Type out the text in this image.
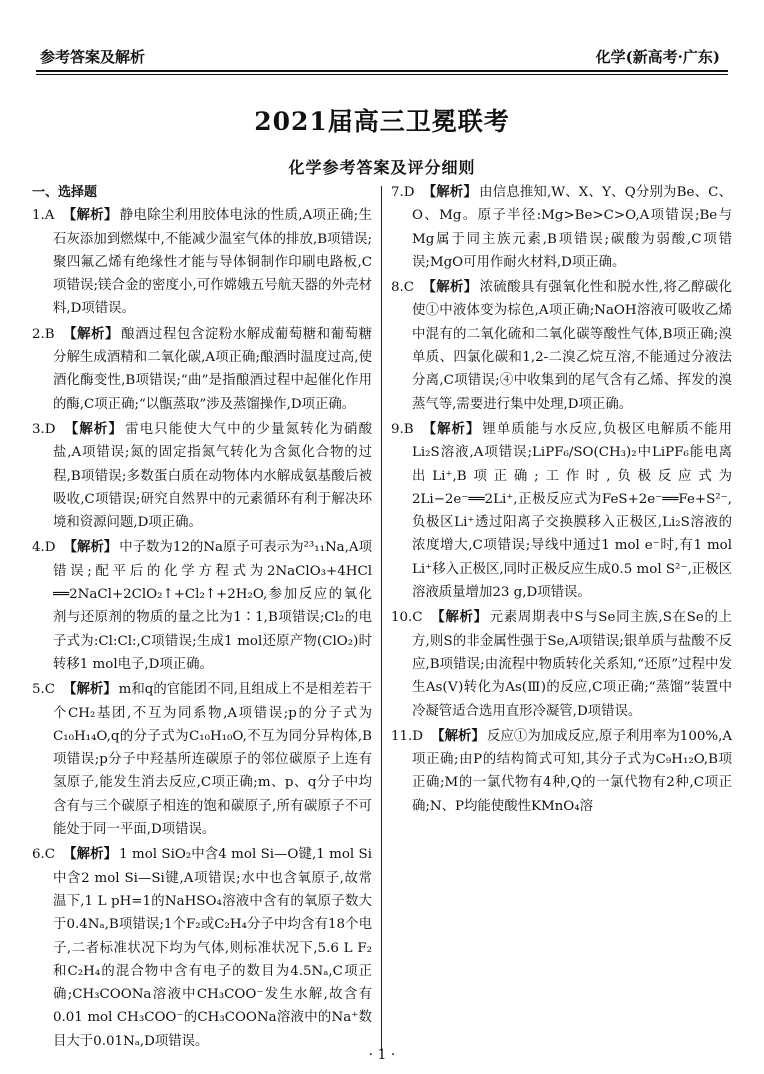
参考答案及解析	化学(新高考·广东)
2021届高三卫冕联考
化学参考答案及评分细则
一、选择题
1.A 【解析】 静电除尘利用胶体电泳的性质,A项正确;生石灰添加到燃煤中,不能减少温室气体的排放,B项错误;聚四氟乙烯有绝缘性才能与导体铜制作印刷电路板,C项错误;镁合金的密度小,可作嫦娥五号航天器的外壳材料,D项错误。
2.B 【解析】 酿酒过程包含淀粉水解成葡萄糖和葡萄糖分解生成酒精和二氧化碳,A项正确;酿酒时温度过高,使酒化酶变性,B项错误;“曲”是指酿酒过程中起催化作用的酶,C项正确;“以甑蒸取”涉及蒸馏操作,D项正确。
3.D 【解析】 雷电只能使大气中的少量氮转化为硝酸盐,A项错误;氮的固定指氮气转化为含氮化合物的过程,B项错误;多数蛋白质在动物体内水解成氨基酸后被吸收,C项错误;研究自然界中的元素循环有利于解决环境和资源问题,D项正确。
4.D 【解析】 中子数为12的Na原子可表示为²³₁₁Na,A项错误;配平后的化学方程式为2NaClO₃+4HCl ══2NaCl+2ClO₂↑+Cl₂↑+2H₂O,参加反应的氧化剂与还原剂的物质的量之比为1∶1,B项错误;Cl₂的电子式为:Cl:Cl:,C项错误;生成1 mol还原产物(ClO₂)时转移1 mol电子,D项正确。
5.C 【解析】 m和q的官能团不同,且组成上不是相差若干个CH₂基团,不互为同系物,A项错误;p的分子式为C₁₀H₁₄O,q的分子式为C₁₀H₁₀O,不互为同分异构体,B项错误;p分子中羟基所连碳原子的邻位碳原子上连有氢原子,能发生消去反应,C项正确;m、p、q分子中均含有与三个碳原子相连的饱和碳原子,所有碳原子不可能处于同一平面,D项错误。
6.C 【解析】 1 mol SiO₂中含4 mol Si—O键,1 mol Si中含2 mol Si—Si键,A项错误;水中也含氧原子,故常温下,1 L pH=1的NaHSO₄溶液中含有的氧原子数大于0.4Nₐ,B项错误;1个F₂或C₂H₄分子中均含有18个电子,二者标准状况下均为气体,则标准状况下,5.6 L F₂和C₂H₄的混合物中含有电子的数目为4.5Nₐ,C项正确;CH₃COONa溶液中CH₃COO⁻发生水解,故含有0.01 mol CH₃COO⁻的CH₃COONa溶液中的Na⁺数目大于0.01Nₐ,D项错误。
7.D 【解析】 由信息推知,W、X、Y、Q分别为Be、C、O、Mg。原子半径:Mg>Be>C>O,A项错误;Be与Mg属于同主族元素,B项错误;碳酸为弱酸,C项错误;MgO可用作耐火材料,D项正确。
8.C 【解析】 浓硫酸具有强氧化性和脱水性,将乙醇碳化使①中液体变为棕色,A项正确;NaOH溶液可吸收乙烯中混有的二氧化硫和二氧化碳等酸性气体,B项正确;溴单质、四氯化碳和1,2-二溴乙烷互溶,不能通过分液法分离,C项错误;④中收集到的尾气含有乙烯、挥发的溴蒸气等,需要进行集中处理,D项正确。
9.B 【解析】 锂单质能与水反应,负极区电解质不能用Li₂S溶液,A项错误;LiPF₆/SO(CH₃)₂中LiPF₆能电离出Li⁺,B项正确;工作时,负极反应式为2Li−2e⁻══2Li⁺,正极反应式为FeS+2e⁻══Fe+S²⁻,负极区Li⁺透过阳离子交换膜移入正极区,Li₂S溶液的浓度增大,C项错误;导线中通过1 mol e⁻时,有1 mol Li⁺移入正极区,同时正极反应生成0.5 mol S²⁻,正极区溶液质量增加23 g,D项错误。
10.C 【解析】 元素周期表中S与Se同主族,S在Se的上方,则S的非金属性强于Se,A项错误;银单质与盐酸不反应,B项错误;由流程中物质转化关系知,“还原”过程中发生As(Ⅴ)转化为As(Ⅲ)的反应,C项正确;“蒸馏”装置中冷凝管适合选用直形冷凝管,D项错误。
11.D 【解析】 反应①为加成反应,原子利用率为100%,A项正确;由P的结构简式可知,其分子式为C₉H₁₂O,B项正确;M的一氯代物有4种,Q的一氯代物有2种,C项正确;N、P均能使酸性KMnO₄溶
· 1 ·
